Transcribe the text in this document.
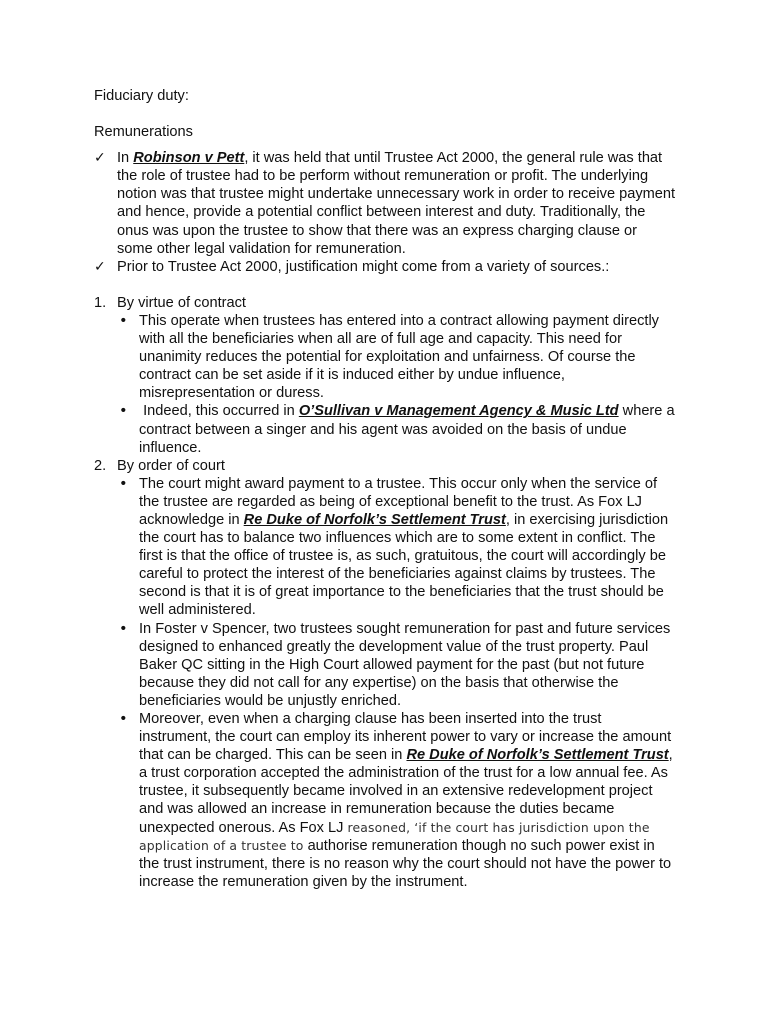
Fiduciary duty:

Remunerations

✓ In Robinson v Pett, it was held that until Trustee Act 2000, the general rule was that the role of trustee had to be perform without remuneration or profit. The underlying notion was that trustee might undertake unnecessary work in order to receive payment and hence, provide a potential conflict between interest and duty. Traditionally, the onus was upon the trustee to show that there was an express charging clause or some other legal validation for remuneration.
✓ Prior to Trustee Act 2000, justification might come from a variety of sources.:
1. By virtue of contract
• This operate when trustees has entered into a contract allowing payment directly with all the beneficiaries when all are of full age and capacity. This need for unanimity reduces the potential for exploitation and unfairness. Of course the contract can be set aside if it is induced either by undue influence, misrepresentation or duress.
• Indeed, this occurred in O’Sullivan v Management Agency & Music Ltd where a contract between a singer and his agent was avoided on the basis of undue influence.
2. By order of court
• The court might award payment to a trustee. This occur only when the service of the trustee are regarded as being of exceptional benefit to the trust. As Fox LJ acknowledge in Re Duke of Norfolk’s Settlement Trust, in exercising jurisdiction the court has to balance two influences which are to some extent in conflict. The first is that the office of trustee is, as such, gratuitous, the court will accordingly be careful to protect the interest of the beneficiaries against claims by trustees. The second is that it is of great importance to the beneficiaries that the trust should be well administered.
• In Foster v Spencer, two trustees sought remuneration for past and future services designed to enhanced greatly the development value of the trust property. Paul Baker QC sitting in the High Court allowed payment for the past (but not future because they did not call for any expertise) on the basis that otherwise the beneficiaries would be unjustly enriched.
• Moreover, even when a charging clause has been inserted into the trust instrument, the court can employ its inherent power to vary or increase the amount that can be charged. This can be seen in Re Duke of Norfolk’s Settlement Trust, a trust corporation accepted the administration of the trust for a low annual fee. As trustee, it subsequently became involved in an extensive redevelopment project and was allowed an increase in remuneration because the duties became unexpected onerous. As Fox LJ reasoned, ‘if the court has jurisdiction upon the application of a trustee to authorise remuneration though no such power exist in the trust instrument, there is no reason why the court should not have the power to increase the remuneration given by the instrument.
